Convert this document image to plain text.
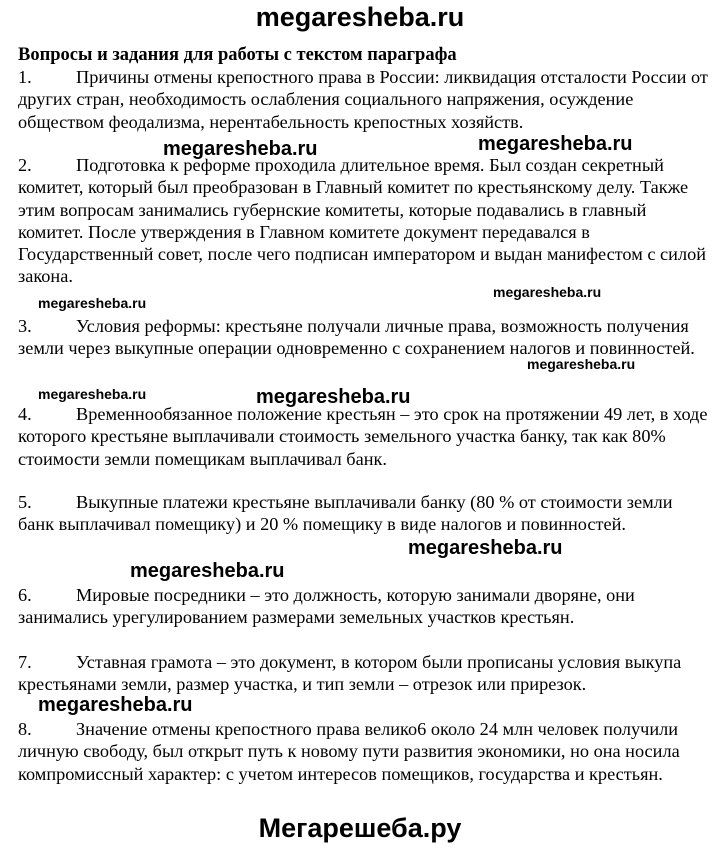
megaresheba.ru
Вопросы и задания для работы с текстом параграфа
1. Причины отмены крепостного права в России: ликвидация отсталости России от других стран, необходимость ослабления социального напряжения, осуждение обществом феодализма, нерентабельность крепостных хозяйств.
2. Подготовка к реформе проходила длительное время. Был создан секретный комитет, который был преобразован в Главный комитет по крестьянскому делу. Также этим вопросам занимались губернские комитеты, которые подавались в главный комитет. После утверждения в Главном комитете документ передавался в Государственный совет, после чего подписан императором и выдан манифестом с силой закона.
3. Условия реформы: крестьяне получали личные права, возможность получения земли через выкупные операции одновременно с сохранением налогов и повинностей.
4. Временнообязанное положение крестьян – это срок на протяжении 49 лет, в ходе которого крестьяне выплачивали стоимость земельного участка банку, так как 80% стоимости земли помещикам выплачивал банк.
5. Выкупные платежи крестьяне выплачивали банку (80 % от стоимости земли банк выплачивал помещику) и 20 % помещику в виде налогов и повинностей.
6. Мировые посредники – это должность, которую занимали дворяне, они занимались урегулированием размерами земельных участков крестьян.
7. Уставная грамота – это документ, в котором были прописаны условия выкупа крестьянами земли, размер участка, и тип земли – отрезок или прирезок.
8. Значение отмены крепостного права велико6 около 24 млн человек получили личную свободу, был открыт путь к новому пути развития экономики, но она носила компромиссный характер: с учетом интересов помещиков, государства и крестьян.
megaresheba.ru	megaresheba.ru
megaresheba.ru
megaresheba.ru
megaresheba.ru
megaresheba.ru	megaresheba.ru
megaresheba.ru
megaresheba.ru
megaresheba.ru
Мегарешеба.ру
